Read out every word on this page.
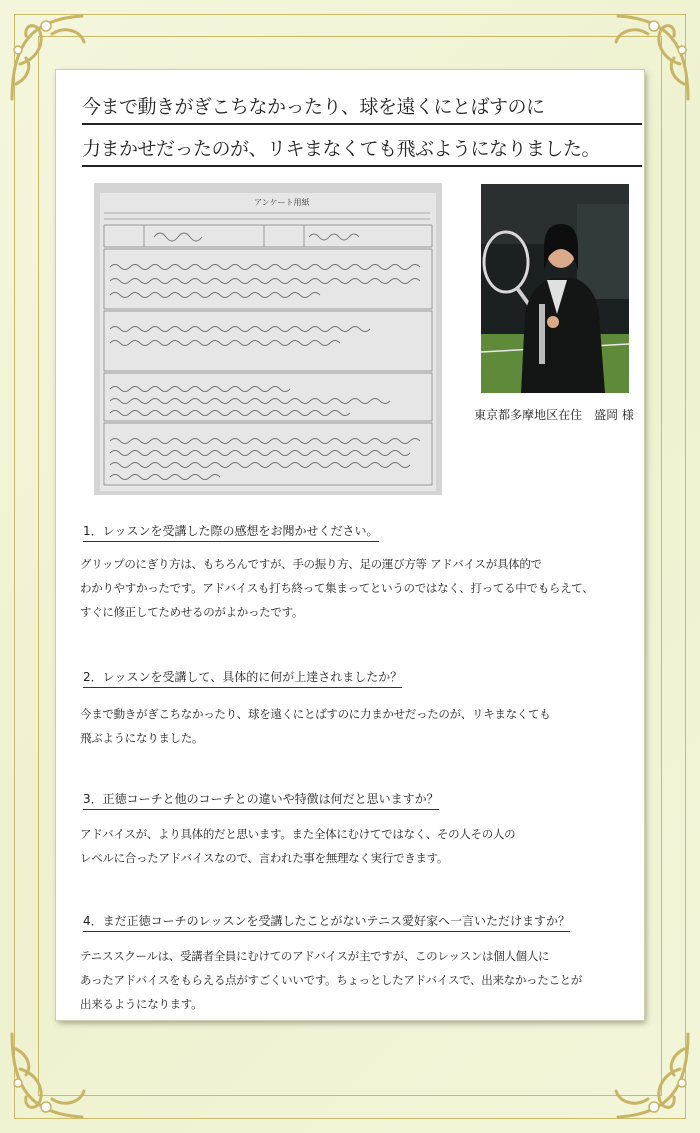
今まで動きがぎこちなかったり、球を遠くにとばすのに
力まかせだったのが、リキまなくても飛ぶようになりました。
アンケート用紙
東京都多摩地区在住　盛岡 様
1．レッスンを受講した際の感想をお聞かせください。
グリップのにぎり方は、もちろんですが、手の振り方、足の運び方等 アドバイスが具体的で
わかりやすかったです。アドバイスも打ち終って集まってというのではなく、打ってる中でもらえて、
すぐに修正してためせるのがよかったです。
2．レッスンを受講して、具体的に何が上達されましたか？
今まで動きがぎこちなかったり、球を遠くにとばすのに力まかせだったのが、リキまなくても
飛ぶようになりました。
3．正徳コーチと他のコーチとの違いや特徴は何だと思いますか？
アドバイスが、より具体的だと思います。また全体にむけてではなく、その人その人の
レベルに合ったアドバイスなので、言われた事を無理なく実行できます。
4．まだ正徳コーチのレッスンを受講したことがないテニス愛好家へ一言いただけますか？
テニススクールは、受講者全員にむけてのアドバイスが主ですが、このレッスンは個人個人に
あったアドバイスをもらえる点がすごくいいです。ちょっとしたアドバイスで、出来なかったことが
出来るようになります。
